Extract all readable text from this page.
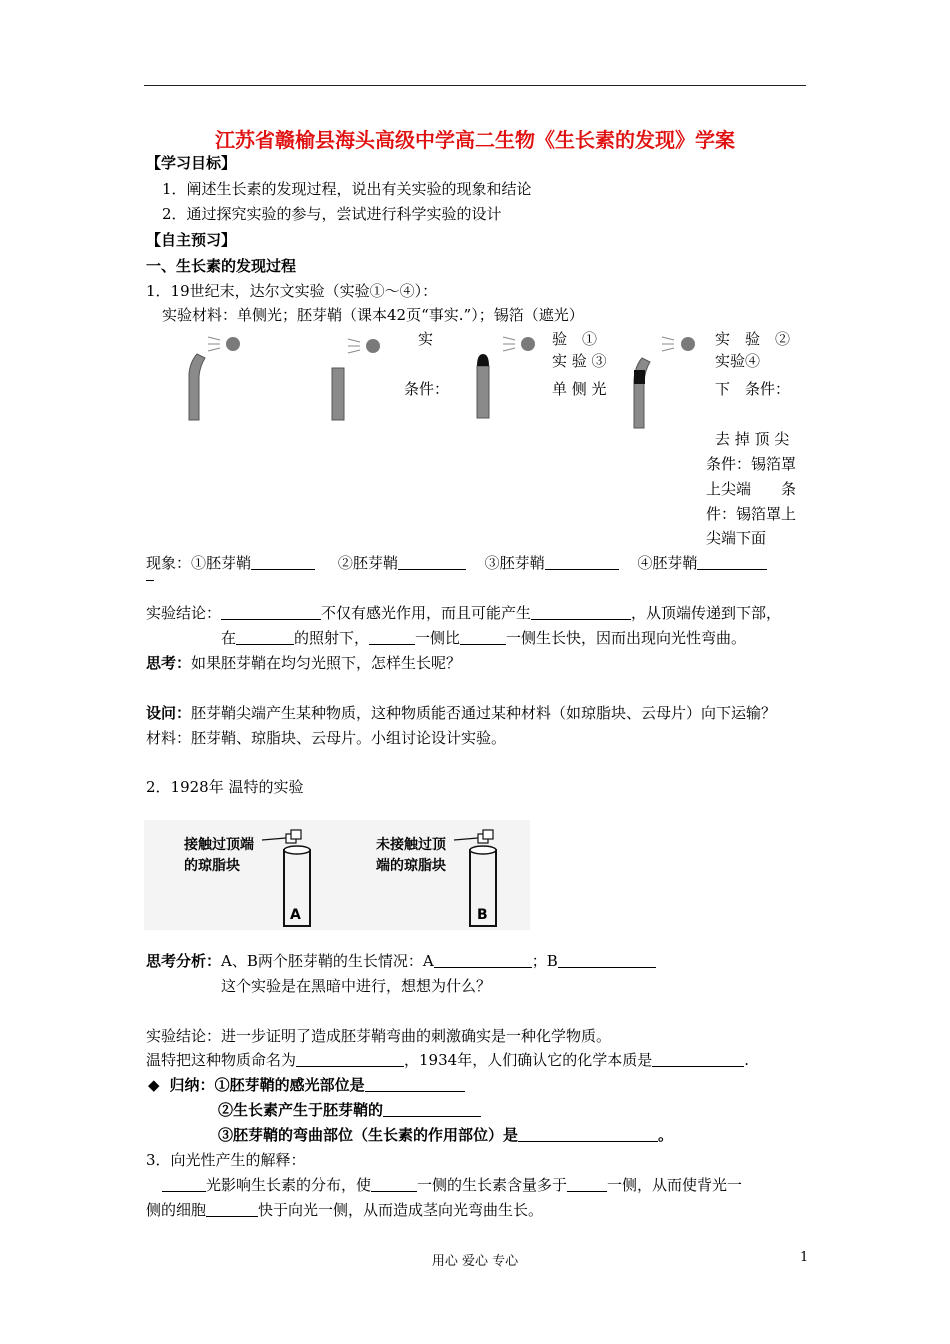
江苏省赣榆县海头高级中学高二生物《生长素的发现》学案
【学习目标】
1．阐述生长素的发现过程，说出有关实验的现象和结论
2．通过探究实验的参与，尝试进行科学实验的设计
【自主预习】
一、生长素的发现过程
1．19世纪末，达尔文实验（实验①～④）：
实验材料：单侧光；胚芽鞘（课本42页“事实.”）；锡箔（遮光）
实
条件：
验　①
实 验 ③
单 侧 光
实　验　②
实验④
下　条件：
去 掉 顶 尖
条件：锡箔罩
上尖端　　条
件：锡箔罩上
尖端下面
现象：①胚芽鞘	②胚芽鞘	③胚芽鞘	④胚芽鞘
实验结论：	不仅有感光作用，而且可能产生	，从顶端传递到下部，
在	的照射下，	一侧比	一侧生长快，因而出现向光性弯曲。
思考：如果胚芽鞘在均匀光照下，怎样生长呢？
设问：胚芽鞘尖端产生某种物质，这种物质能否通过某种材料（如琼脂块、云母片）向下运输？
材料：胚芽鞘、琼脂块、云母片。小组讨论设计实验。
2．1928年 温特的实验
接触过顶端
的琼脂块
A
未接触过顶
端的琼脂块
B
思考分析：A、B两个胚芽鞘的生长情况：A	；B
这个实验是在黑暗中进行，想想为什么？
实验结论：进一步证明了造成胚芽鞘弯曲的刺激确实是一种化学物质。
温特把这种物质命名为	，1934年，人们确认它的化学本质是	.
◆ 归纳：①胚芽鞘的感光部位是
②生长素产生于胚芽鞘的
③胚芽鞘的弯曲部位（生长素的作用部位）是	。
3．向光性产生的解释：
光影响生长素的分布，使	一侧的生长素含量多于	一侧，从而使背光一
侧的细胞	快于向光一侧，从而造成茎向光弯曲生长。
用心 爱心 专心	1
